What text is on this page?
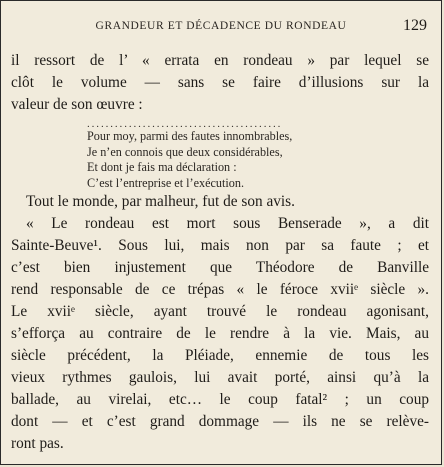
GRANDEUR ET DÉCADENCE DU RONDEAU	129
il ressort de l’ « errata en rondeau » par lequel se
clôt le volume — sans se faire d’illusions sur la
valeur de son œuvre :
..........................................
Pour moy, parmi des fautes innombrables,
Je n’en connois que deux considérables,
Et dont je fais ma déclaration :
C’est l’entreprise et l’exécution.
Tout le monde, par malheur, fut de son avis.
« Le rondeau est mort sous Benserade », a dit
Sainte-Beuve¹. Sous lui, mais non par sa faute ; et
c’est bien injustement que Théodore de Banville
rend responsable de ce trépas « le féroce xviiᵉ siècle ».
Le xviiᵉ siècle, ayant trouvé le rondeau agonisant,
s’efforça au contraire de le rendre à la vie. Mais, au
siècle précédent, la Pléiade, ennemie de tous les
vieux rythmes gaulois, lui avait porté, ainsi qu’à la
ballade, au virelai, etc… le coup fatal² ; un coup
dont — et c’est grand dommage — ils ne se relève-
ront pas.
